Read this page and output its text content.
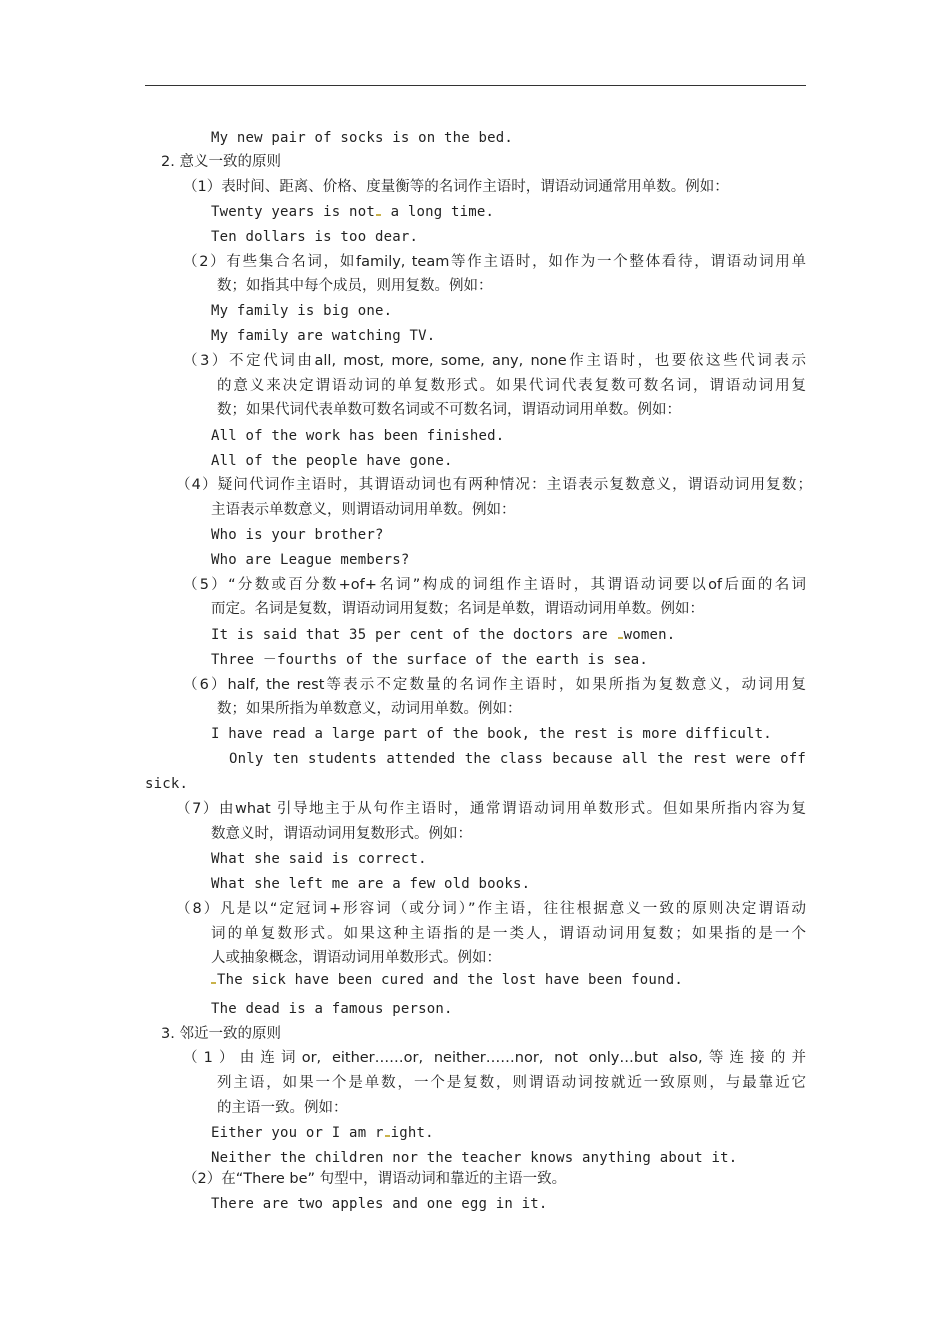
My new pair of socks is on the bed.
2. 意义一致的原则
（1）表时间、距离、价格、度量衡等的名词作主语时，谓语动词通常用单数。例如：
Twenty years is not a long time.
Ten dollars is too dear.
（2）有些集合名词，如family, team等作主语时，如作为一个整体看待，谓语动词用单
数；如指其中每个成员，则用复数。例如：
My family is big one.
My family are watching TV.
（3）不定代词由all, most, more, some, any, none作主语时，也要依这些代词表示
的意义来决定谓语动词的单复数形式。如果代词代表复数可数名词，谓语动词用复
数；如果代词代表单数可数名词或不可数名词，谓语动词用单数。例如：
All of the work has been finished.
All of the people have gone.
（4）疑问代词作主语时，其谓语动词也有两种情况：主语表示复数意义，谓语动词用复数；
主语表示单数意义，则谓语动词用单数。例如：
Who is your brother?
Who are League members?
（5）“分数或百分数+of+名词”构成的词组作主语时，其谓语动词要以of后面的名词
而定。名词是复数，谓语动词用复数；名词是单数，谓语动词用单数。例如：
It is said that 35 per cent of the doctors are women.
Three －fourths of the surface of the earth is sea.
（6）half, the rest等表示不定数量的名词作主语时，如果所指为复数意义，动词用复
数；如果所指为单数意义，动词用单数。例如：
I have read a large part of the book, the rest is more difficult.
Only ten students attended the class because all the rest were off
sick.
（7）由what 引导地主于从句作主语时，通常谓语动词用单数形式。但如果所指内容为复
数意义时，谓语动词用复数形式。例如：
What she said is correct.
What she left me are a few old books.
（8）凡是以“定冠词+形容词（或分词）”作主语，往往根据意义一致的原则决定谓语动
词的单复数形式。如果这种主语指的是一类人，谓语动词用复数；如果指的是一个
人或抽象概念，谓语动词用单数形式。例如：
The sick have been cured and the lost have been found.
The dead is a famous person.
3. 邻近一致的原则
（1）由连词or, either……or, neither……nor, not only…but also,等连接的并
列主语，如果一个是单数，一个是复数，则谓语动词按就近一致原则，与最靠近它
的主语一致。例如：
Either you or I am r ight.
Neither the children nor the teacher knows anything about it.
（2）在“There be” 句型中，谓语动词和靠近的主语一致。
There are two apples and one egg in it.
